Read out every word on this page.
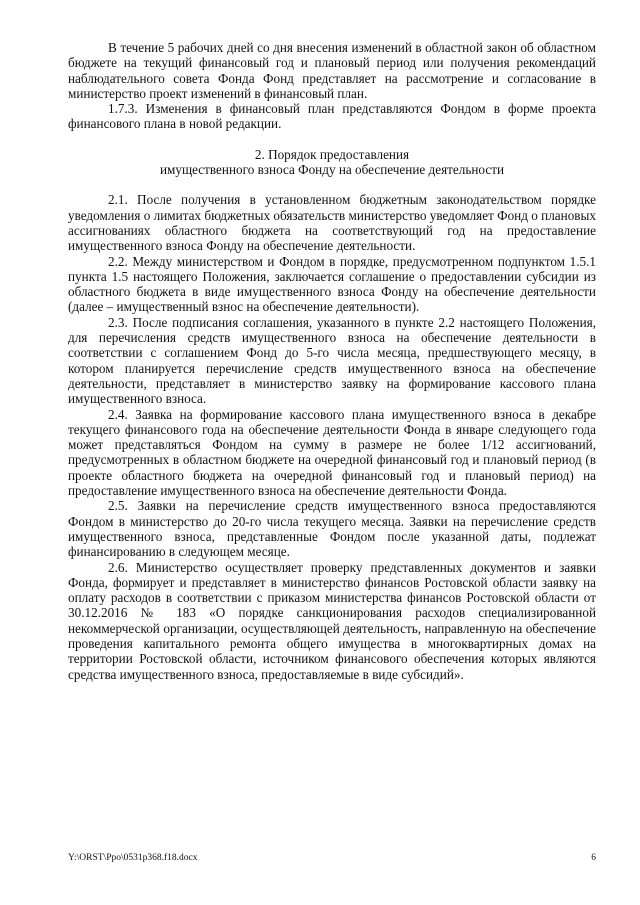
В течение 5 рабочих дней со дня внесения изменений в областной закон об областном бюджете на текущий финансовый год и плановый период или получения рекомендаций наблюдательного совета Фонда Фонд представляет на рассмотрение и согласование в министерство проект изменений в финансовый план.

1.7.3. Изменения в финансовый план представляются Фондом в форме проекта финансового плана в новой редакции.

2. Порядок предоставления
имущественного взноса Фонду на обеспечение деятельности

2.1. После получения в установленном бюджетным законодательством порядке уведомления о лимитах бюджетных обязательств министерство уведомляет Фонд о плановых ассигнованиях областного бюджета на соответствующий год на предоставление имущественного взноса Фонду на обеспечение деятельности.

2.2. Между министерством и Фондом в порядке, предусмотренном подпунктом 1.5.1 пункта 1.5 настоящего Положения, заключается соглашение о предоставлении субсидии из областного бюджета в виде имущественного взноса Фонду на обеспечение деятельности (далее – имущественный взнос на обеспечение деятельности).

2.3. После подписания соглашения, указанного в пункте 2.2 настоящего Положения, для перечисления средств имущественного взноса на обеспечение деятельности в соответствии с соглашением Фонд до 5-го числа месяца, предшествующего месяцу, в котором планируется перечисление средств имущественного взноса на обеспечение деятельности, представляет в министерство заявку на формирование кассового плана имущественного взноса.

2.4. Заявка на формирование кассового плана имущественного взноса в декабре текущего финансового года на обеспечение деятельности Фонда в январе следующего года может представляться Фондом на сумму в размере не более 1/12 ассигнований, предусмотренных в областном бюджете на очередной финансовый год и плановый период (в проекте областного бюджета на очередной финансовый год и плановый период) на предоставление имущественного взноса на обеспечение деятельности Фонда.

2.5. Заявки на перечисление средств имущественного взноса предоставляются Фондом в министерство до 20-го числа текущего месяца. Заявки на перечисление средств имущественного взноса, представленные Фондом после указанной даты, подлежат финансированию в следующем месяце.

2.6. Министерство осуществляет проверку представленных документов и заявки Фонда, формирует и представляет в министерство финансов Ростовской области заявку на оплату расходов в соответствии с приказом министерства финансов Ростовской области от 30.12.2016 № 183 «О порядке санкционирования расходов специализированной некоммерческой организации, осуществляющей деятельность, направленную на обеспечение проведения капитального ремонта общего имущества в многоквартирных домах на территории Ростовской области, источником финансового обеспечения которых являются средства имущественного взноса, предоставляемые в виде субсидий».

Y:\ORST\Ppo\0531p368.f18.docx	6
